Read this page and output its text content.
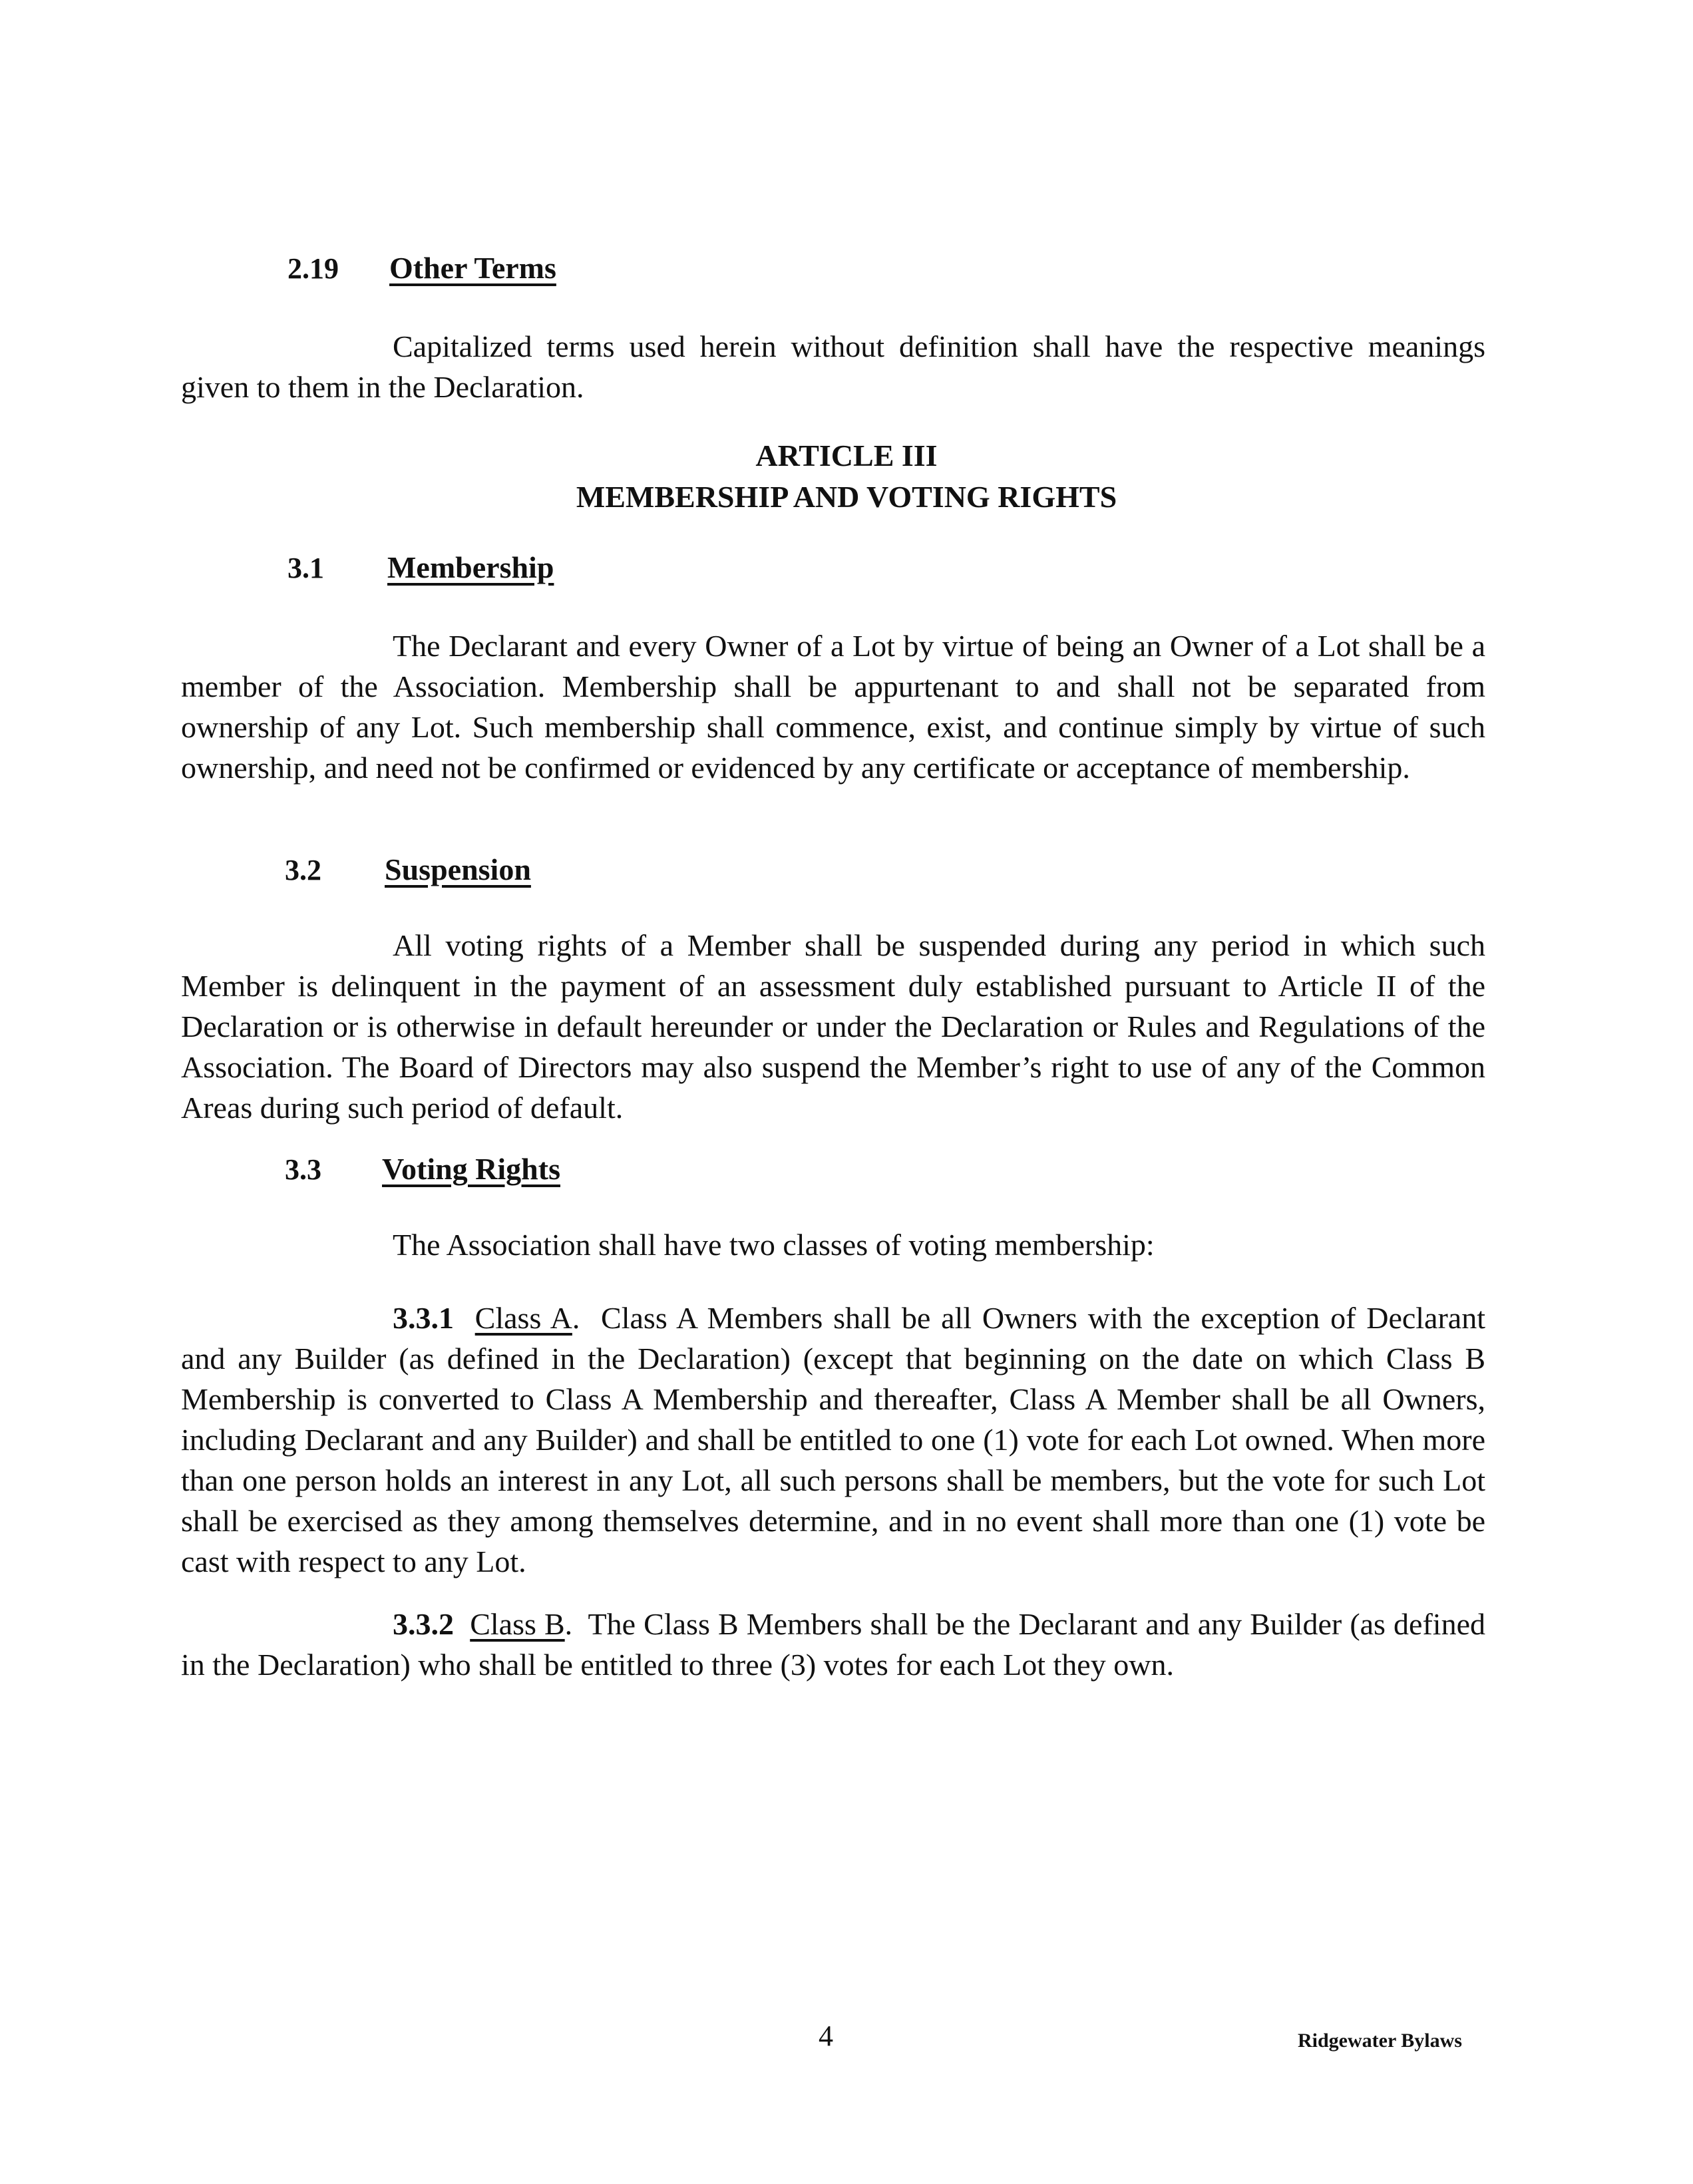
2.19 Other Terms

Capitalized terms used herein without definition shall have the respective meanings given to them in the Declaration.

ARTICLE III
MEMBERSHIP AND VOTING RIGHTS
3.1 Membership

The Declarant and every Owner of a Lot by virtue of being an Owner of a Lot shall be a member of the Association. Membership shall be appurtenant to and shall not be separated from ownership of any Lot. Such membership shall commence, exist, and continue simply by virtue of such ownership, and need not be confirmed or evidenced by any certificate or acceptance of membership.

3.2 Suspension

All voting rights of a Member shall be suspended during any period in which such Member is delinquent in the payment of an assessment duly established pursuant to Article II of the Declaration or is otherwise in default hereunder or under the Declaration or Rules and Regulations of the Association. The Board of Directors may also suspend the Member’s right to use of any of the Common Areas during such period of default.

3.3 Voting Rights

The Association shall have two classes of voting membership:

3.3.1 Class A.  Class A Members shall be all Owners with the exception of Declarant and any Builder (as defined in the Declaration) (except that beginning on the date on which Class B Membership is converted to Class A Membership and thereafter, Class A Member shall be all Owners, including Declarant and any Builder) and shall be entitled to one (1) vote for each Lot owned. When more than one person holds an interest in any Lot, all such persons shall be members, but the vote for such Lot shall be exercised as they among themselves determine, and in no event shall more than one (1) vote be cast with respect to any Lot.

3.3.2 Class B.  The Class B Members shall be the Declarant and any Builder (as defined in the Declaration) who shall be entitled to three (3) votes for each Lot they own.

4	Ridgewater Bylaws
